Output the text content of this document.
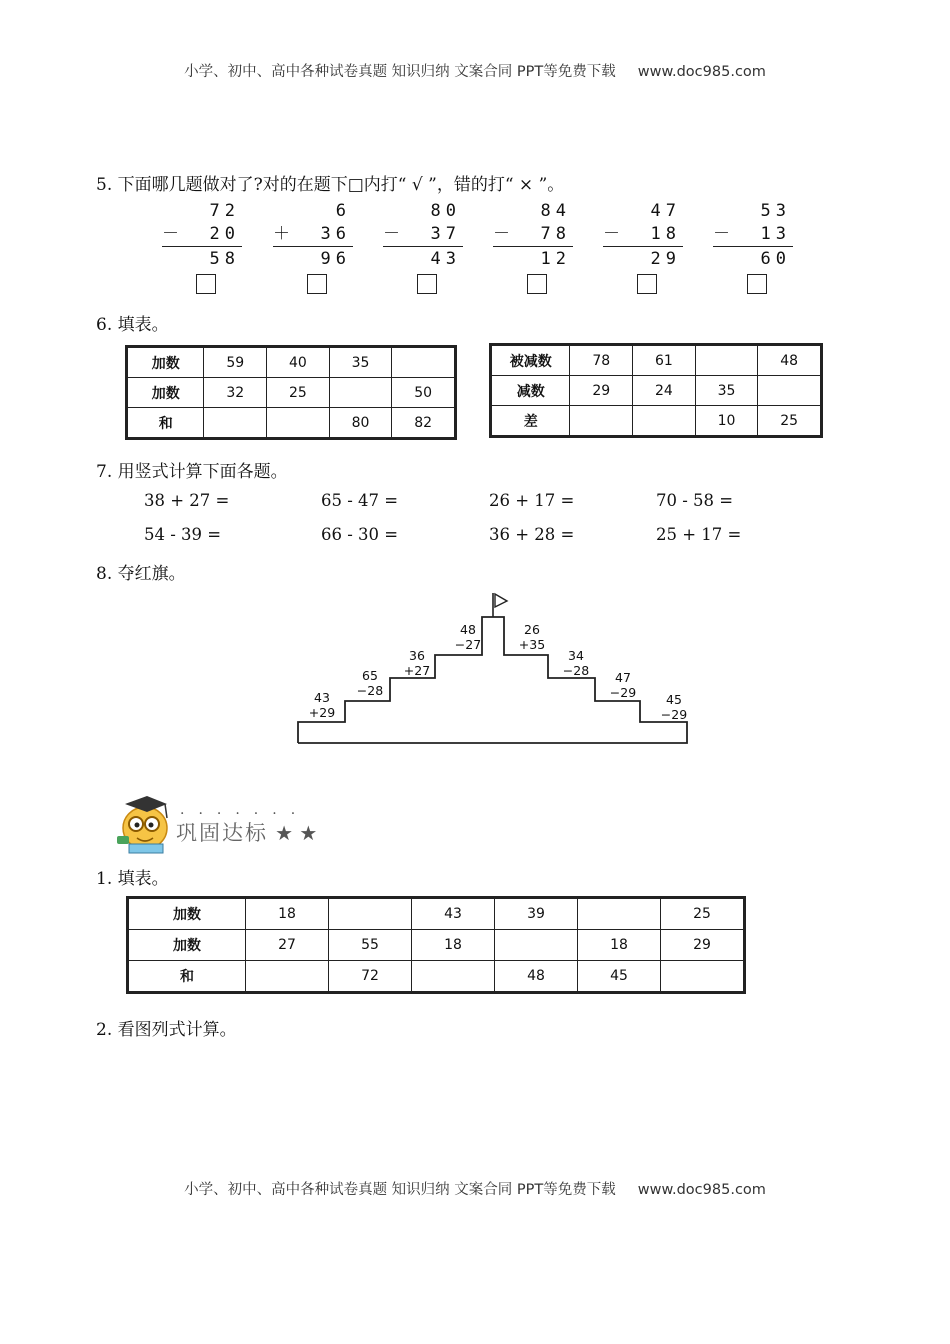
小学、初中、高中各种试卷真题 知识归纳 文案合同 PPT等免费下载 www.doc985.com
5. 下面哪几题做对了?对的在题下□内打“ √ ”，错的打“ × ”。
72
－ 20
58
6
＋ 36
96
80
－ 37
43
84
－ 78
12
47
－ 18
29
53
－ 13
60
6. 填表。
加数	59	40	35	
加数	32	25		50
和			80	82
被减数	78	61		48
减数	29	24	35	
差			10	25
7. 用竖式计算下面各题。
38 + 27 =	65 - 47 =	26 + 17 =	70 - 58 =
54 - 39 =	66 - 30 =	36 + 28 =	25 + 17 =
8. 夺红旗。
43
+29
65
−28
36
+27
48
−27
26
+35
34
−28	47
−29	45
−29
·······
巩固达标 ★ ★
1. 填表。
加数	18		43	39		25
加数	27	55	18		18	29
和		72		48	45	
2. 看图列式计算。
小学、初中、高中各种试卷真题 知识归纳 文案合同 PPT等免费下载 www.doc985.com
